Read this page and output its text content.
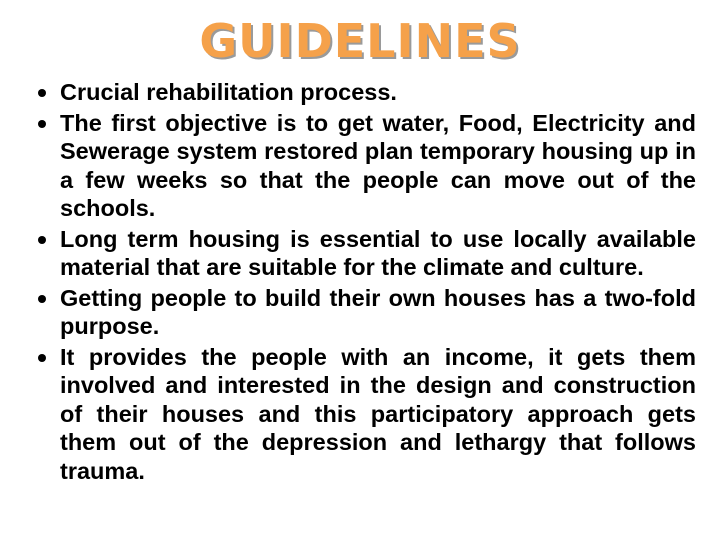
GUIDELINES
Crucial rehabilitation process.
The first objective is to get water, Food, Electricity and Sewerage system restored plan temporary housing up in a few weeks so that the people can move out of the schools.
Long term housing is essential to use locally available material that are suitable for the climate and culture.
Getting people to build their own houses has a two-fold purpose.
It provides the people with an income, it gets them involved and interested in the design and construction of their houses and this participatory approach gets them out of the depression and lethargy that follows trauma.
